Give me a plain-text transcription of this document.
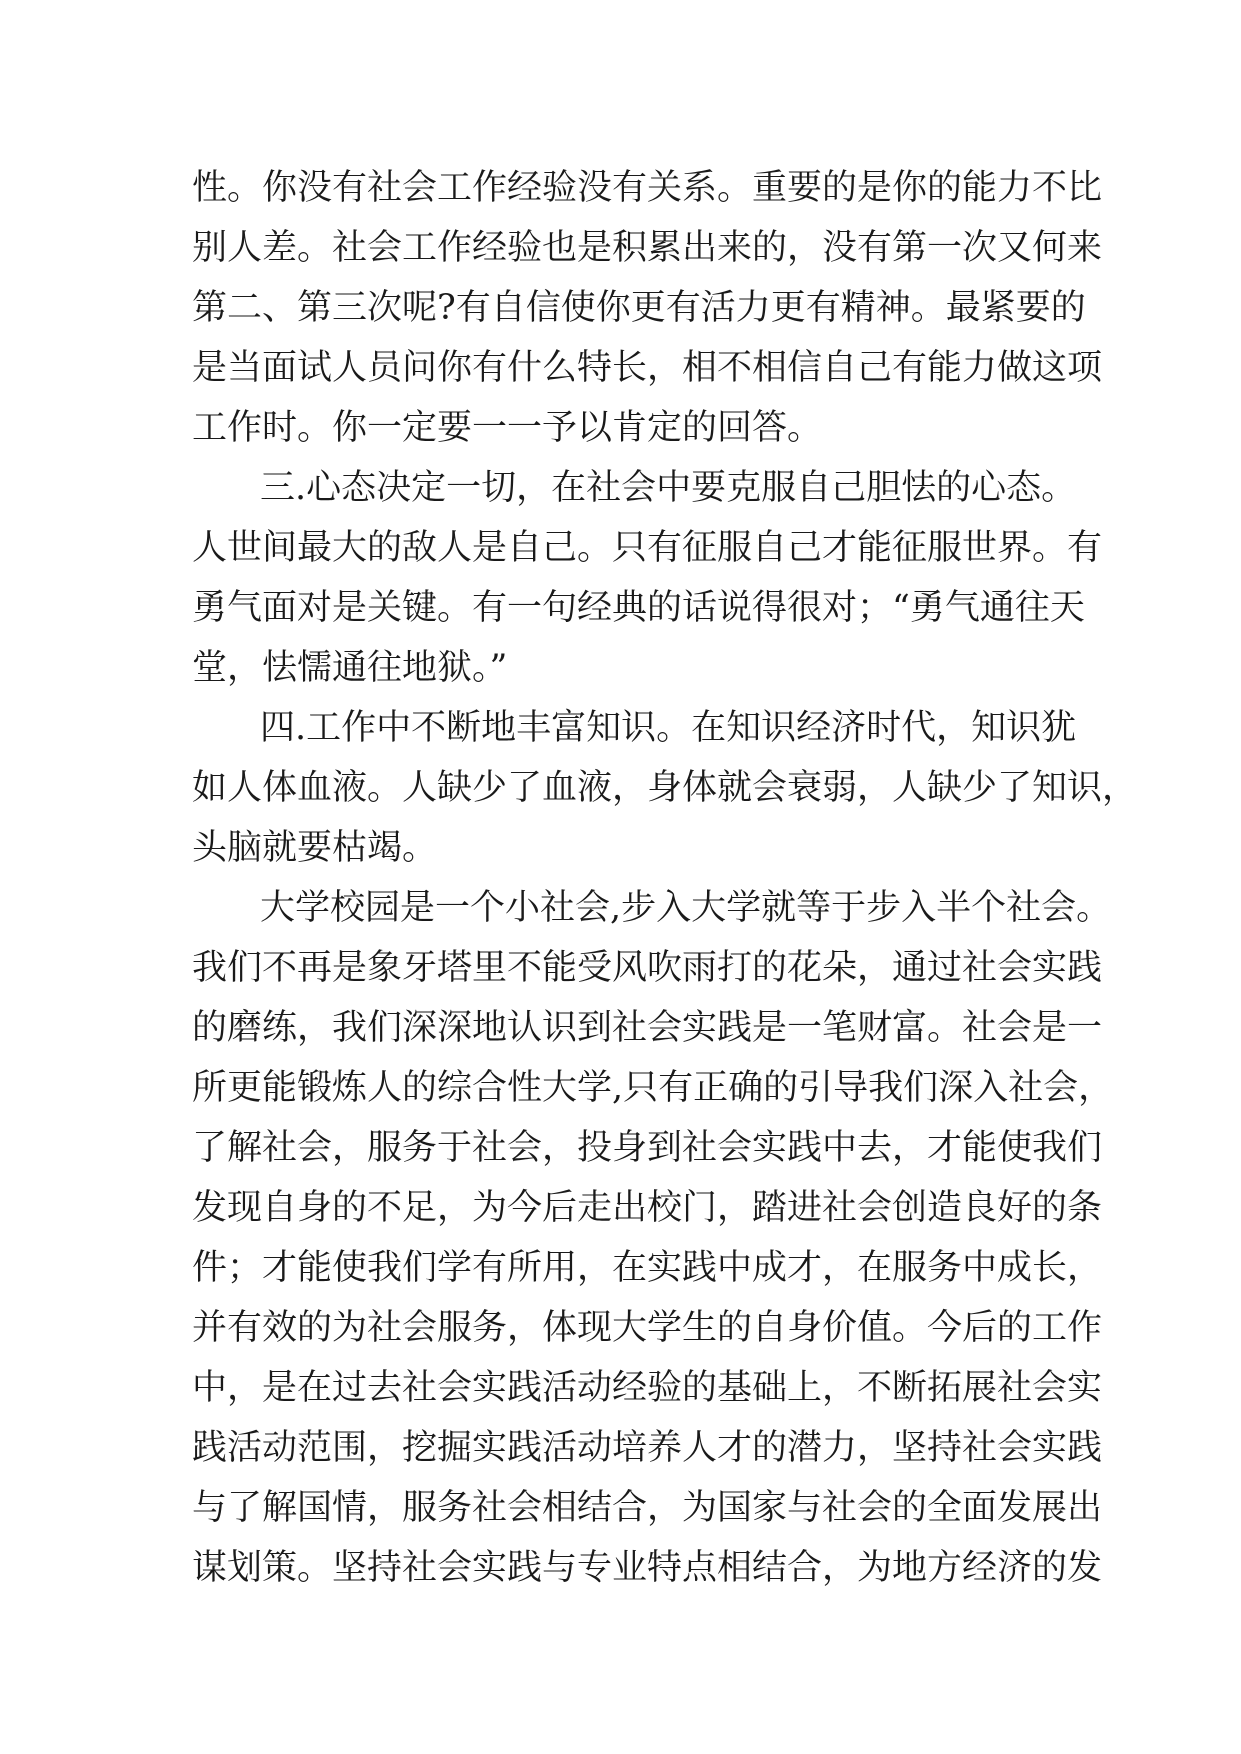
性。你没有社会工作经验没有关系。重要的是你的能力不比
别人差。社会工作经验也是积累出来的，没有第一次又何来
第二、第三次呢?有自信使你更有活力更有精神。最紧要的
是当面试人员问你有什么特长，相不相信自己有能力做这项
工作时。你一定要一一予以肯定的回答。
三.心态决定一切，在社会中要克服自己胆怯的心态。
人世间最大的敌人是自己。只有征服自己才能征服世界。有
勇气面对是关键。有一句经典的话说得很对；“勇气通往天
堂，怯懦通往地狱。”
四.工作中不断地丰富知识。在知识经济时代，知识犹
如人体血液。人缺少了血液，身体就会衰弱，人缺少了知识，
头脑就要枯竭。
大学校园是一个小社会,步入大学就等于步入半个社会。
我们不再是象牙塔里不能受风吹雨打的花朵，通过社会实践
的磨练，我们深深地认识到社会实践是一笔财富。社会是一
所更能锻炼人的综合性大学,只有正确的引导我们深入社会，
了解社会，服务于社会，投身到社会实践中去，才能使我们
发现自身的不足，为今后走出校门，踏进社会创造良好的条
件；才能使我们学有所用，在实践中成才，在服务中成长，
并有效的为社会服务，体现大学生的自身价值。今后的工作
中，是在过去社会实践活动经验的基础上，不断拓展社会实
践活动范围，挖掘实践活动培养人才的潜力，坚持社会实践
与了解国情，服务社会相结合，为国家与社会的全面发展出
谋划策。坚持社会实践与专业特点相结合，为地方经济的发
